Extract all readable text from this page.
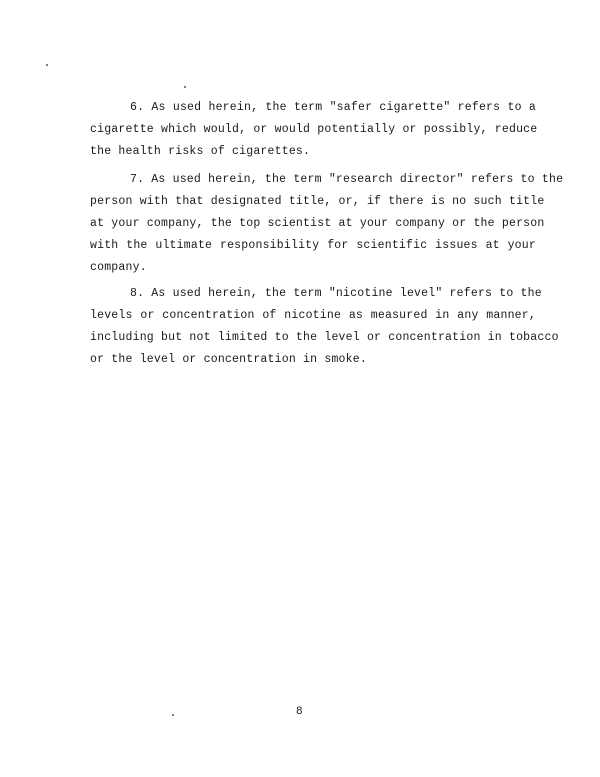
6. As used herein, the term "safer cigarette" refers to a
cigarette which would, or would potentially or possibly, reduce
the health risks of cigarettes.
7. As used herein, the term "research director" refers to the
person with that designated title, or, if there is no such title
at your company, the top scientist at your company or the person
with the ultimate responsibility for scientific issues at your
company.
8. As used herein, the term "nicotine level" refers to the
levels or concentration of nicotine as measured in any manner,
including but not limited to the level or concentration in tobacco
or the level or concentration in smoke.
8
